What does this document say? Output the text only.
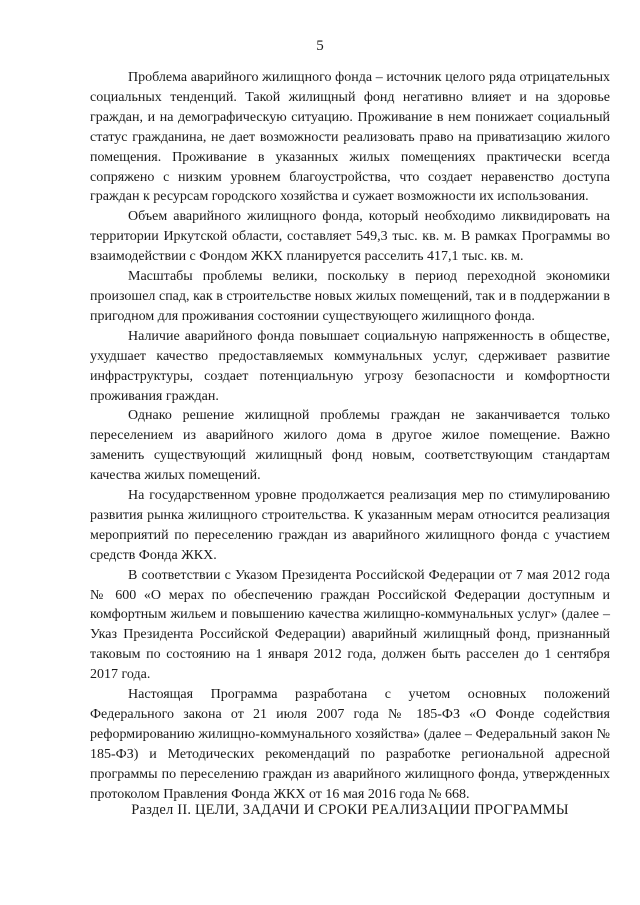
5

Проблема аварийного жилищного фонда – источник целого ряда отрицательных социальных тенденций. Такой жилищный фонд негативно влияет и на здоровье граждан, и на демографическую ситуацию. Проживание в нем понижает социальный статус гражданина, не дает возможности реализовать право на приватизацию жилого помещения. Проживание в указанных жилых помещениях практически всегда сопряжено с низким уровнем благоустройства, что создает неравенство доступа граждан к ресурсам городского хозяйства и сужает возможности их использования.

Объем аварийного жилищного фонда, который необходимо ликвидировать на территории Иркутской области, составляет 549,3 тыс. кв. м. В рамках Программы во взаимодействии с Фондом ЖКХ планируется расселить 417,1 тыс. кв. м.

Масштабы проблемы велики, поскольку в период переходной экономики произошел спад, как в строительстве новых жилых помещений, так и в поддержании в пригодном для проживания состоянии существующего жилищного фонда.

Наличие аварийного фонда повышает социальную напряженность в обществе, ухудшает качество предоставляемых коммунальных услуг, сдерживает развитие инфраструктуры, создает потенциальную угрозу безопасности и комфортности проживания граждан.

Однако решение жилищной проблемы граждан не заканчивается только переселением из аварийного жилого дома в другое жилое помещение. Важно заменить существующий жилищный фонд новым, соответствующим стандартам качества жилых помещений.

На государственном уровне продолжается реализация мер по стимулированию развития рынка жилищного строительства. К указанным мерам относится реализация мероприятий по переселению граждан из аварийного жилищного фонда с участием средств Фонда ЖКХ.

В соответствии с Указом Президента Российской Федерации от 7 мая 2012 года № 600 «О мерах по обеспечению граждан Российской Федерации доступным и комфортным жильем и повышению качества жилищно-коммунальных услуг» (далее – Указ Президента Российской Федерации) аварийный жилищный фонд, признанный таковым по состоянию на 1 января 2012 года, должен быть расселен до 1 сентября 2017 года.

Настоящая Программа разработана с учетом основных положений Федерального закона от 21 июля 2007 года № 185-ФЗ «О Фонде содействия реформированию жилищно-коммунального хозяйства» (далее – Федеральный закон № 185-ФЗ) и Методических рекомендаций по разработке региональной адресной программы по переселению граждан из аварийного жилищного фонда, утвержденных протоколом Правления Фонда ЖКХ от 16 мая 2016 года № 668.

Раздел II. ЦЕЛИ, ЗАДАЧИ И СРОКИ РЕАЛИЗАЦИИ ПРОГРАММЫ
